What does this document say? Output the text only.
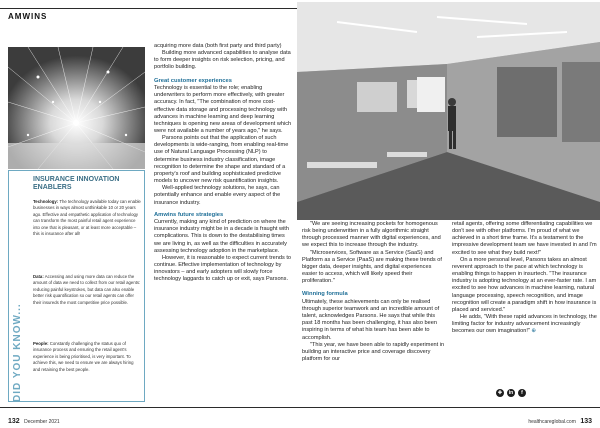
AMWINS
DID YOU KNOW...
INSURANCE INNOVATION ENABLERS
Technology: The technology available today can enable businesses in ways almost unthinkable 10 or 20 years ago. Effective and empathetic application of technology can transform the most painful retail agent experience into one that is pleasant, or at least more acceptable – this is insurance after all!
Data: Accessing and using more data can reduce the amount of data we need to collect from our retail agents: reducing painful keystrokes, but data can also enable better risk quantification so our retail agents can offer their insureds the most competitive price possible.
People: Constantly challenging the status quo of insurance process and ensuring the retail agent's experience is being prioritised, is very important. To achieve this, we need to ensure we are always hiring and retaining the best people.

acquiring more data (both first party and third party)

Building more advanced capabilities to analyse data to form deeper insights on risk selection, pricing, and portfolio building.

Great customer experiences

Technology is essential to the role; enabling underwriters to perform more effectively, with greater accuracy. In fact, "The combination of more cost-effective data storage and processing technology with advances in machine learning and deep learning techniques is opening new areas of development which were not available a number of years ago," he says.

Parsons points out that the application of such developments is wide-ranging, from enabling real-time use of Natural Language Processing (NLP) to determine business industry classification, image recognition to determine the shape and standard of a property's roof and building sophisticated predictive models to uncover new risk quantification insights.

Well-applied technology solutions, he says, can potentially enhance and enable every aspect of the insurance industry.

Amwins future strategies

Currently, making any kind of prediction on where the insurance industry might be in a decade is fraught with complications. This is down to the destabilising times we are living in, as well as the difficulties in accurately assessing technology adoption in the marketplace.

However, it is reasonable to expect current trends to continue. Effective implementation of technology by innovators – and early adopters will slowly force technology laggards to catch up or exit, says Parsons.

"We are seeing increasing pockets for homogenous risk being underwritten in a fully algorithmic straight through processed manner with digital experiences, and we expect this to increase through the industry.

"Microservices, Software as a Service (SaaS) and Platform as a Service (PaaS) are making these trends of bigger data, deeper insights, and digital experiences easier to access, which will likely speed their proliferation."

Winning formula

Ultimately, these achievements can only be realised through superior teamwork and an incredible amount of talent, acknowledges Parsons. He says that while this past 18 months has been challenging, it has also been inspiring in terms of what his team has been able to accomplish.

"This year, we have been able to rapidly experiment in building an interactive price and coverage discovery platform for our

retail agents, offering some differentiating capabilities we don't see with other platforms. I'm proud of what we achieved in a short time frame. It's a testament to the impressive development team we have invested in and I'm excited to see what they build next!"

On a more personal level, Parsons takes an almost reverent approach to the pace at which technology is enabling things to happen in insurtech. "The insurance industry is adopting technology at an ever-faster rate. I am excited to see how advances in machine learning, natural language processing, speech recognition, and image recognition will create a paradigm shift in how insurance is placed and serviced."

He adds, "With these rapid advances in technology, the limiting factor for industry advancement increasingly becomes our own imagination!" ⊕

✚ in f
132 December 2021	healthcareglobal.com 133
